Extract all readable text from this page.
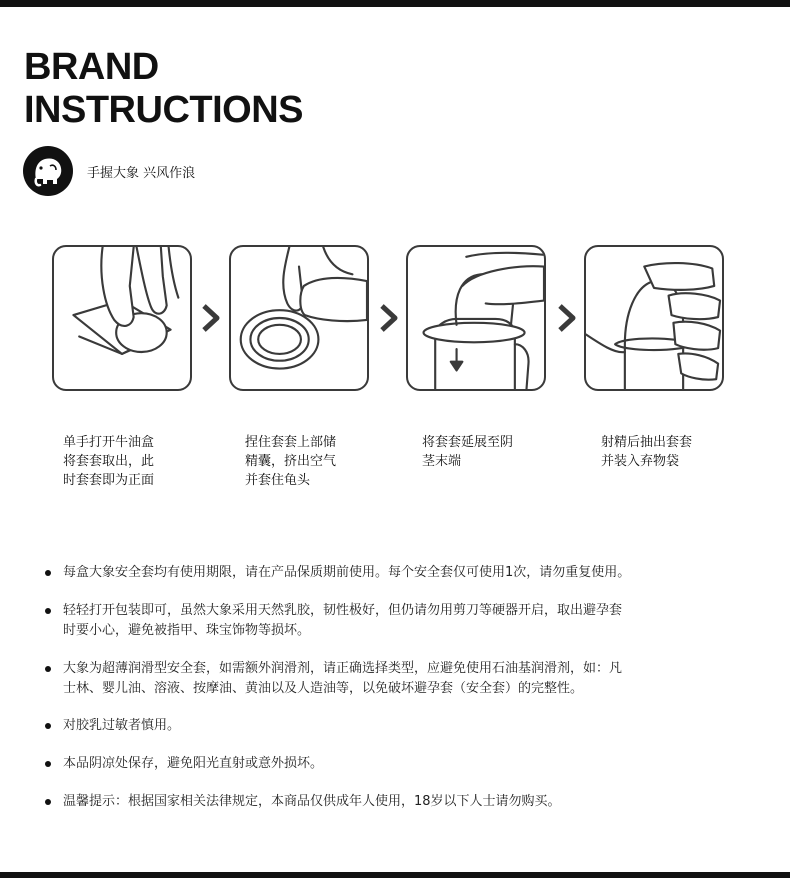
BRAND
INSTRUCTIONS
手握大象 兴风作浪
单手打开牛油盒
将套套取出，此
时套套即为正面
捏住套套上部储
精囊，挤出空气
并套住龟头
将套套延展至阴
茎末端
射精后抽出套套
并装入弃物袋
每盒大象安全套均有使用期限，请在产品保质期前使用。每个安全套仅可使用1次，请勿重复使用。
轻轻打开包装即可，虽然大象采用天然乳胶，韧性极好，但仍请勿用剪刀等硬器开启，取出避孕套
时要小心，避免被指甲、珠宝饰物等损坏。
大象为超薄润滑型安全套，如需额外润滑剂，请正确选择类型，应避免使用石油基润滑剂，如：凡
士林、婴儿油、溶液、按摩油、黄油以及人造油等，以免破坏避孕套（安全套）的完整性。
对胶乳过敏者慎用。
本品阴凉处保存，避免阳光直射或意外损坏。
温馨提示：根据国家相关法律规定，本商品仅供成年人使用，18岁以下人士请勿购买。
